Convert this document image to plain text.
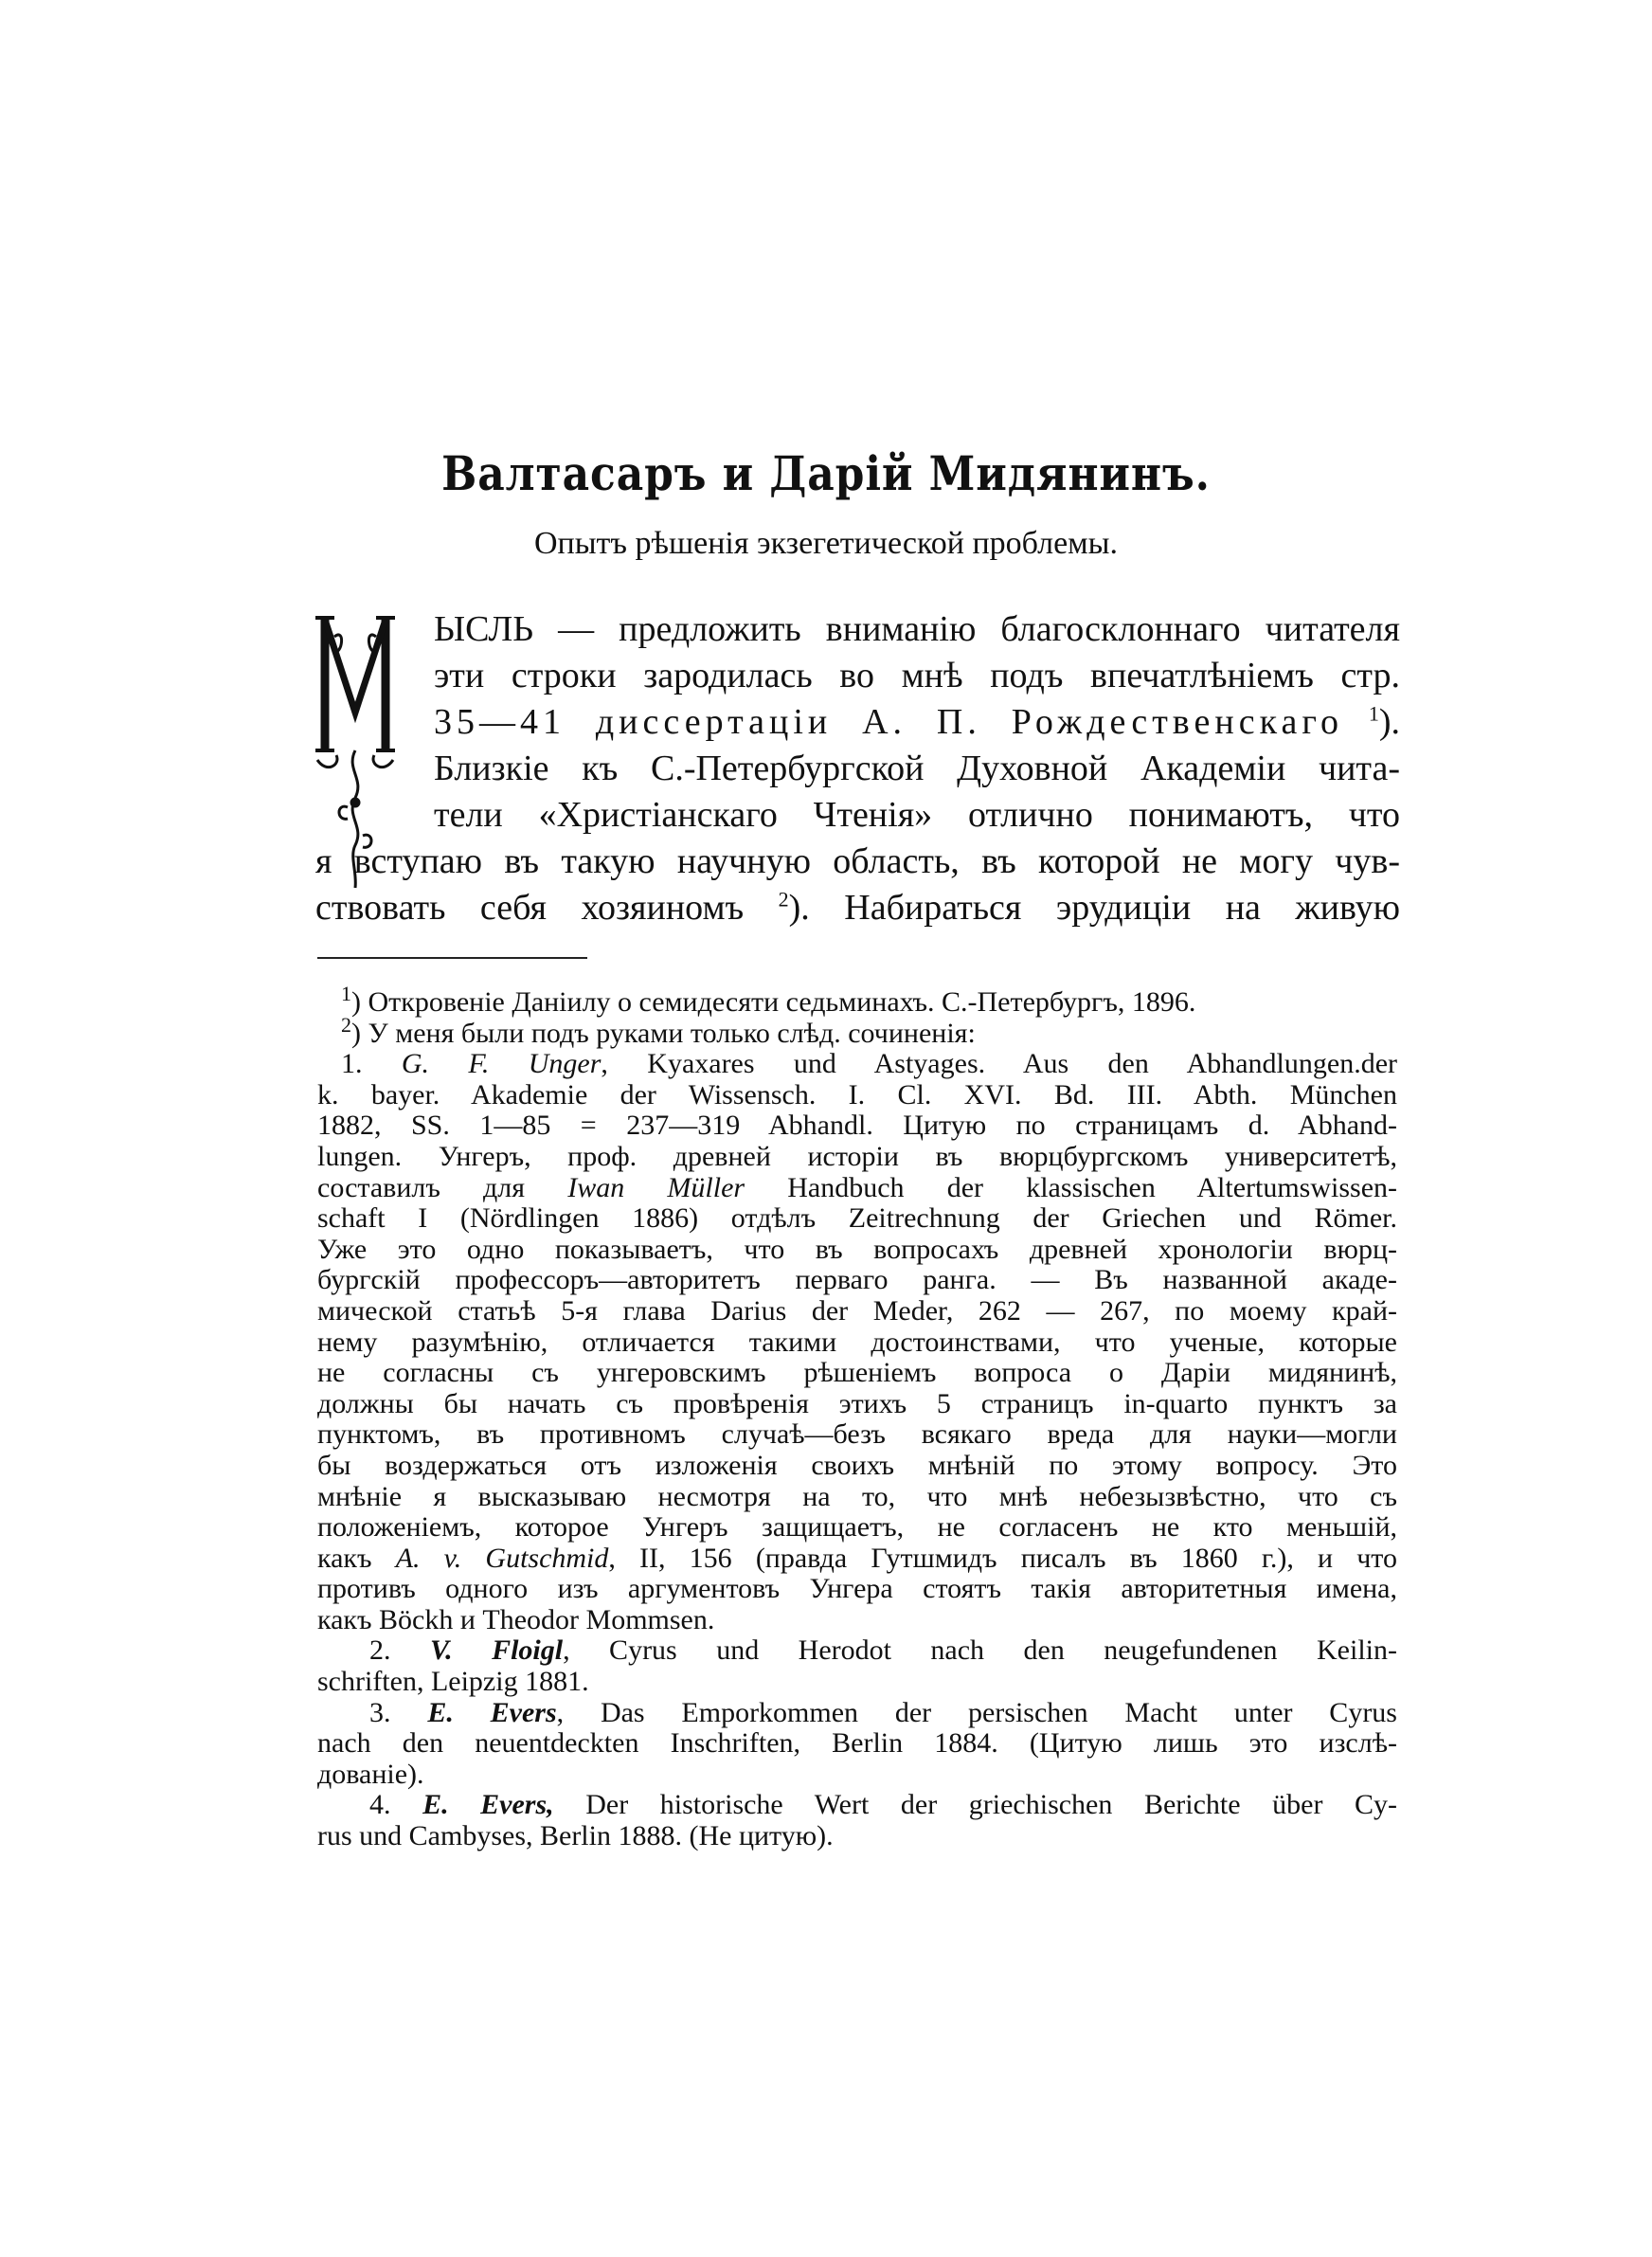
Валтасаръ и Дарій Мидянинъ.
Опытъ рѣшенія экзегетической проблемы.
ЫСЛЬ — предложить вниманію благосклоннаго читателя
эти строки зародилась во мнѣ подъ впечатлѣніемъ стр.
35—41 диссертаціи А. П. Рождественскаго $^1$).
Близкіе къ С.-Петербургской Духовной Академіи чита-
тели «Христіанскаго Чтенія» отлично понимаютъ, что
я вступаю въ такую научную область, въ которой не могу чув-
ствовать себя хозяиномъ $^2$). Набираться эрудиціи на живую
$^1$) Откровеніе Даніилу о семидесяти седьминахъ. С.-Петербургъ, 1896.
$^2$) У меня были подъ руками только слѣд. сочиненія:
1. G. F. Unger, Kyaxares und Astyages. Aus den Abhandlungen.der
k. bayer. Akademie der Wissensch. I. Cl. XVI. Bd. III. Abth. München
1882, SS. 1—85 = 237—319 Abhandl. Цитую по страницамъ d. Abhand-
lungen. Унгеръ, проф. древней исторіи въ вюрцбургскомъ университетѣ,
составилъ для Iwan Müller Handbuch der klassischen Altertumswissen-
schaft I (Nördlingen 1886) отдѣлъ Zeitrechnung der Griechen und Römer.
Уже это одно показываетъ, что въ вопросахъ древней хронологіи вюрц-
бургскій профессоръ—авторитетъ перваго ранга. — Въ названной акаде-
мической статьѣ 5-я глава Darius der Meder, 262 — 267, по моему край-
нему разумѣнію, отличается такими достоинствами, что ученые, которые
не согласны съ унгеровскимъ рѣшеніемъ вопроса о Даріи мидянинѣ,
должны бы начать съ провѣренія этихъ 5 страницъ in-quarto пунктъ за
пунктомъ, въ противномъ случаѣ—безъ всякаго вреда для науки—могли
бы воздержаться отъ изложенія своихъ мнѣній по этому вопросу. Это
мнѣніе я высказываю несмотря на то, что мнѣ небезызвѣстно, что съ
положеніемъ, которое Унгеръ защищаетъ, не согласенъ не кто меньшій,
какъ A. v. Gutschmid, II, 156 (правда Гутшмидъ писалъ въ 1860 г.), и что
противъ одного изъ аргументовъ Унгера стоятъ такія авторитетныя имена,
какъ Böckh и Theodor Mommsen.
2. V. Floigl, Cyrus und Herodot nach den neugefundenen Keilin-
schriften, Leipzig 1881.
3. E. Evers, Das Emporkommen der persischen Macht unter Cyrus
nach den neuentdeckten Inschriften, Berlin 1884. (Цитую лишь это изслѣ-
дованіе).
4. E. Evers, Der historische Wert der griechischen Berichte über Cy-
rus und Cambyses, Berlin 1888. (Не цитую).
